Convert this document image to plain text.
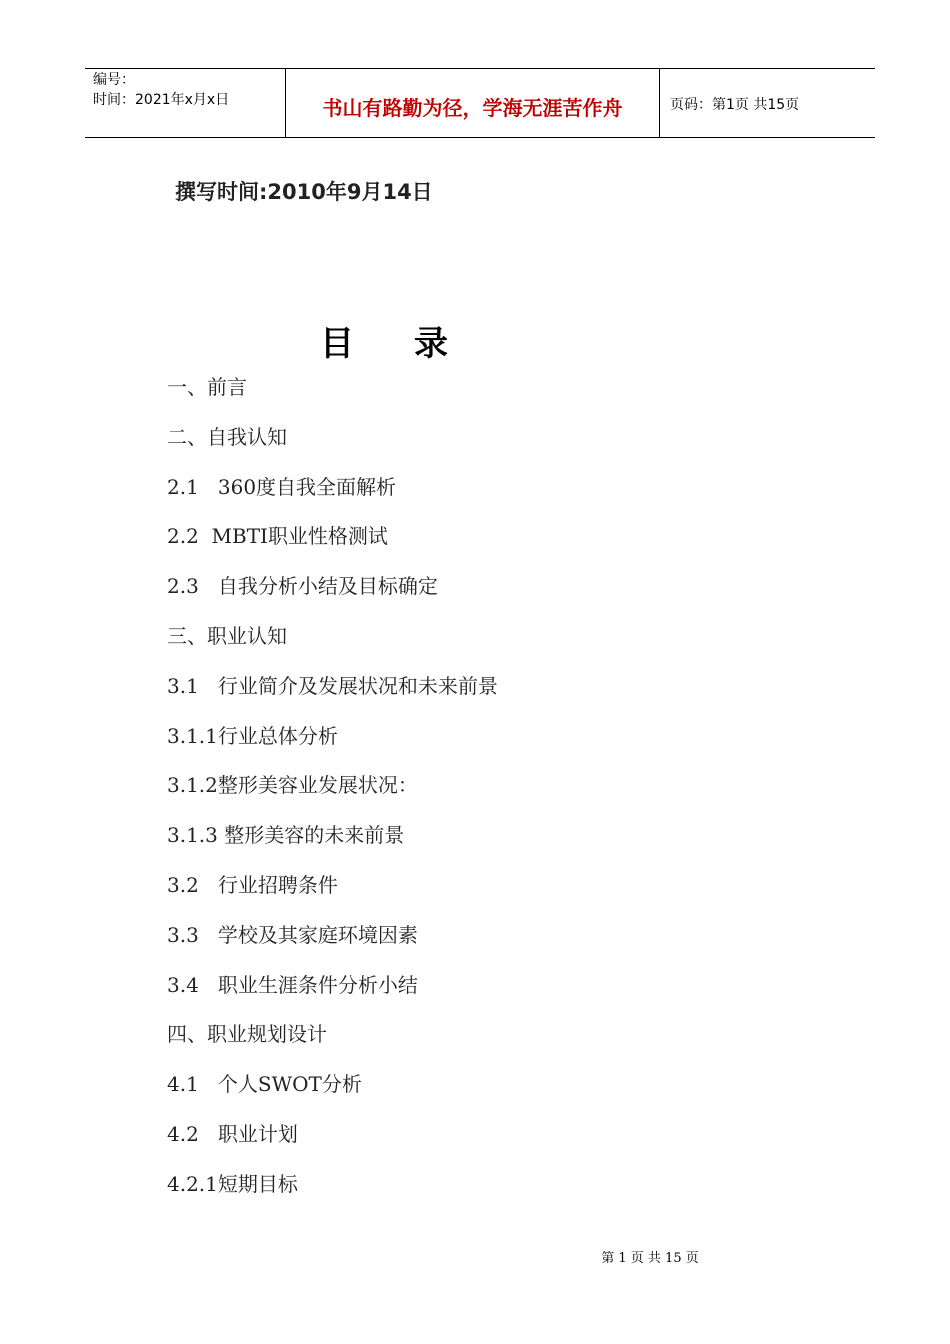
编号：
时间：2021年x月x日	书山有路勤为径，学海无涯苦作舟	页码：第1页 共15页
撰写时间:2010年9月14日
目录
一、前言
二、自我认知
2.1   360度自我全面解析
2.2  MBTI职业性格测试
2.3   自我分析小结及目标确定
三、职业认知
3.1   行业简介及发展状况和未来前景
3.1.1行业总体分析
3.1.2整形美容业发展状况：
3.1.3 整形美容的未来前景
3.2   行业招聘条件
3.3   学校及其家庭环境因素
3.4   职业生涯条件分析小结
四、职业规划设计
4.1   个人SWOT分析
4.2   职业计划
4.2.1短期目标
第 1 页 共 15 页
